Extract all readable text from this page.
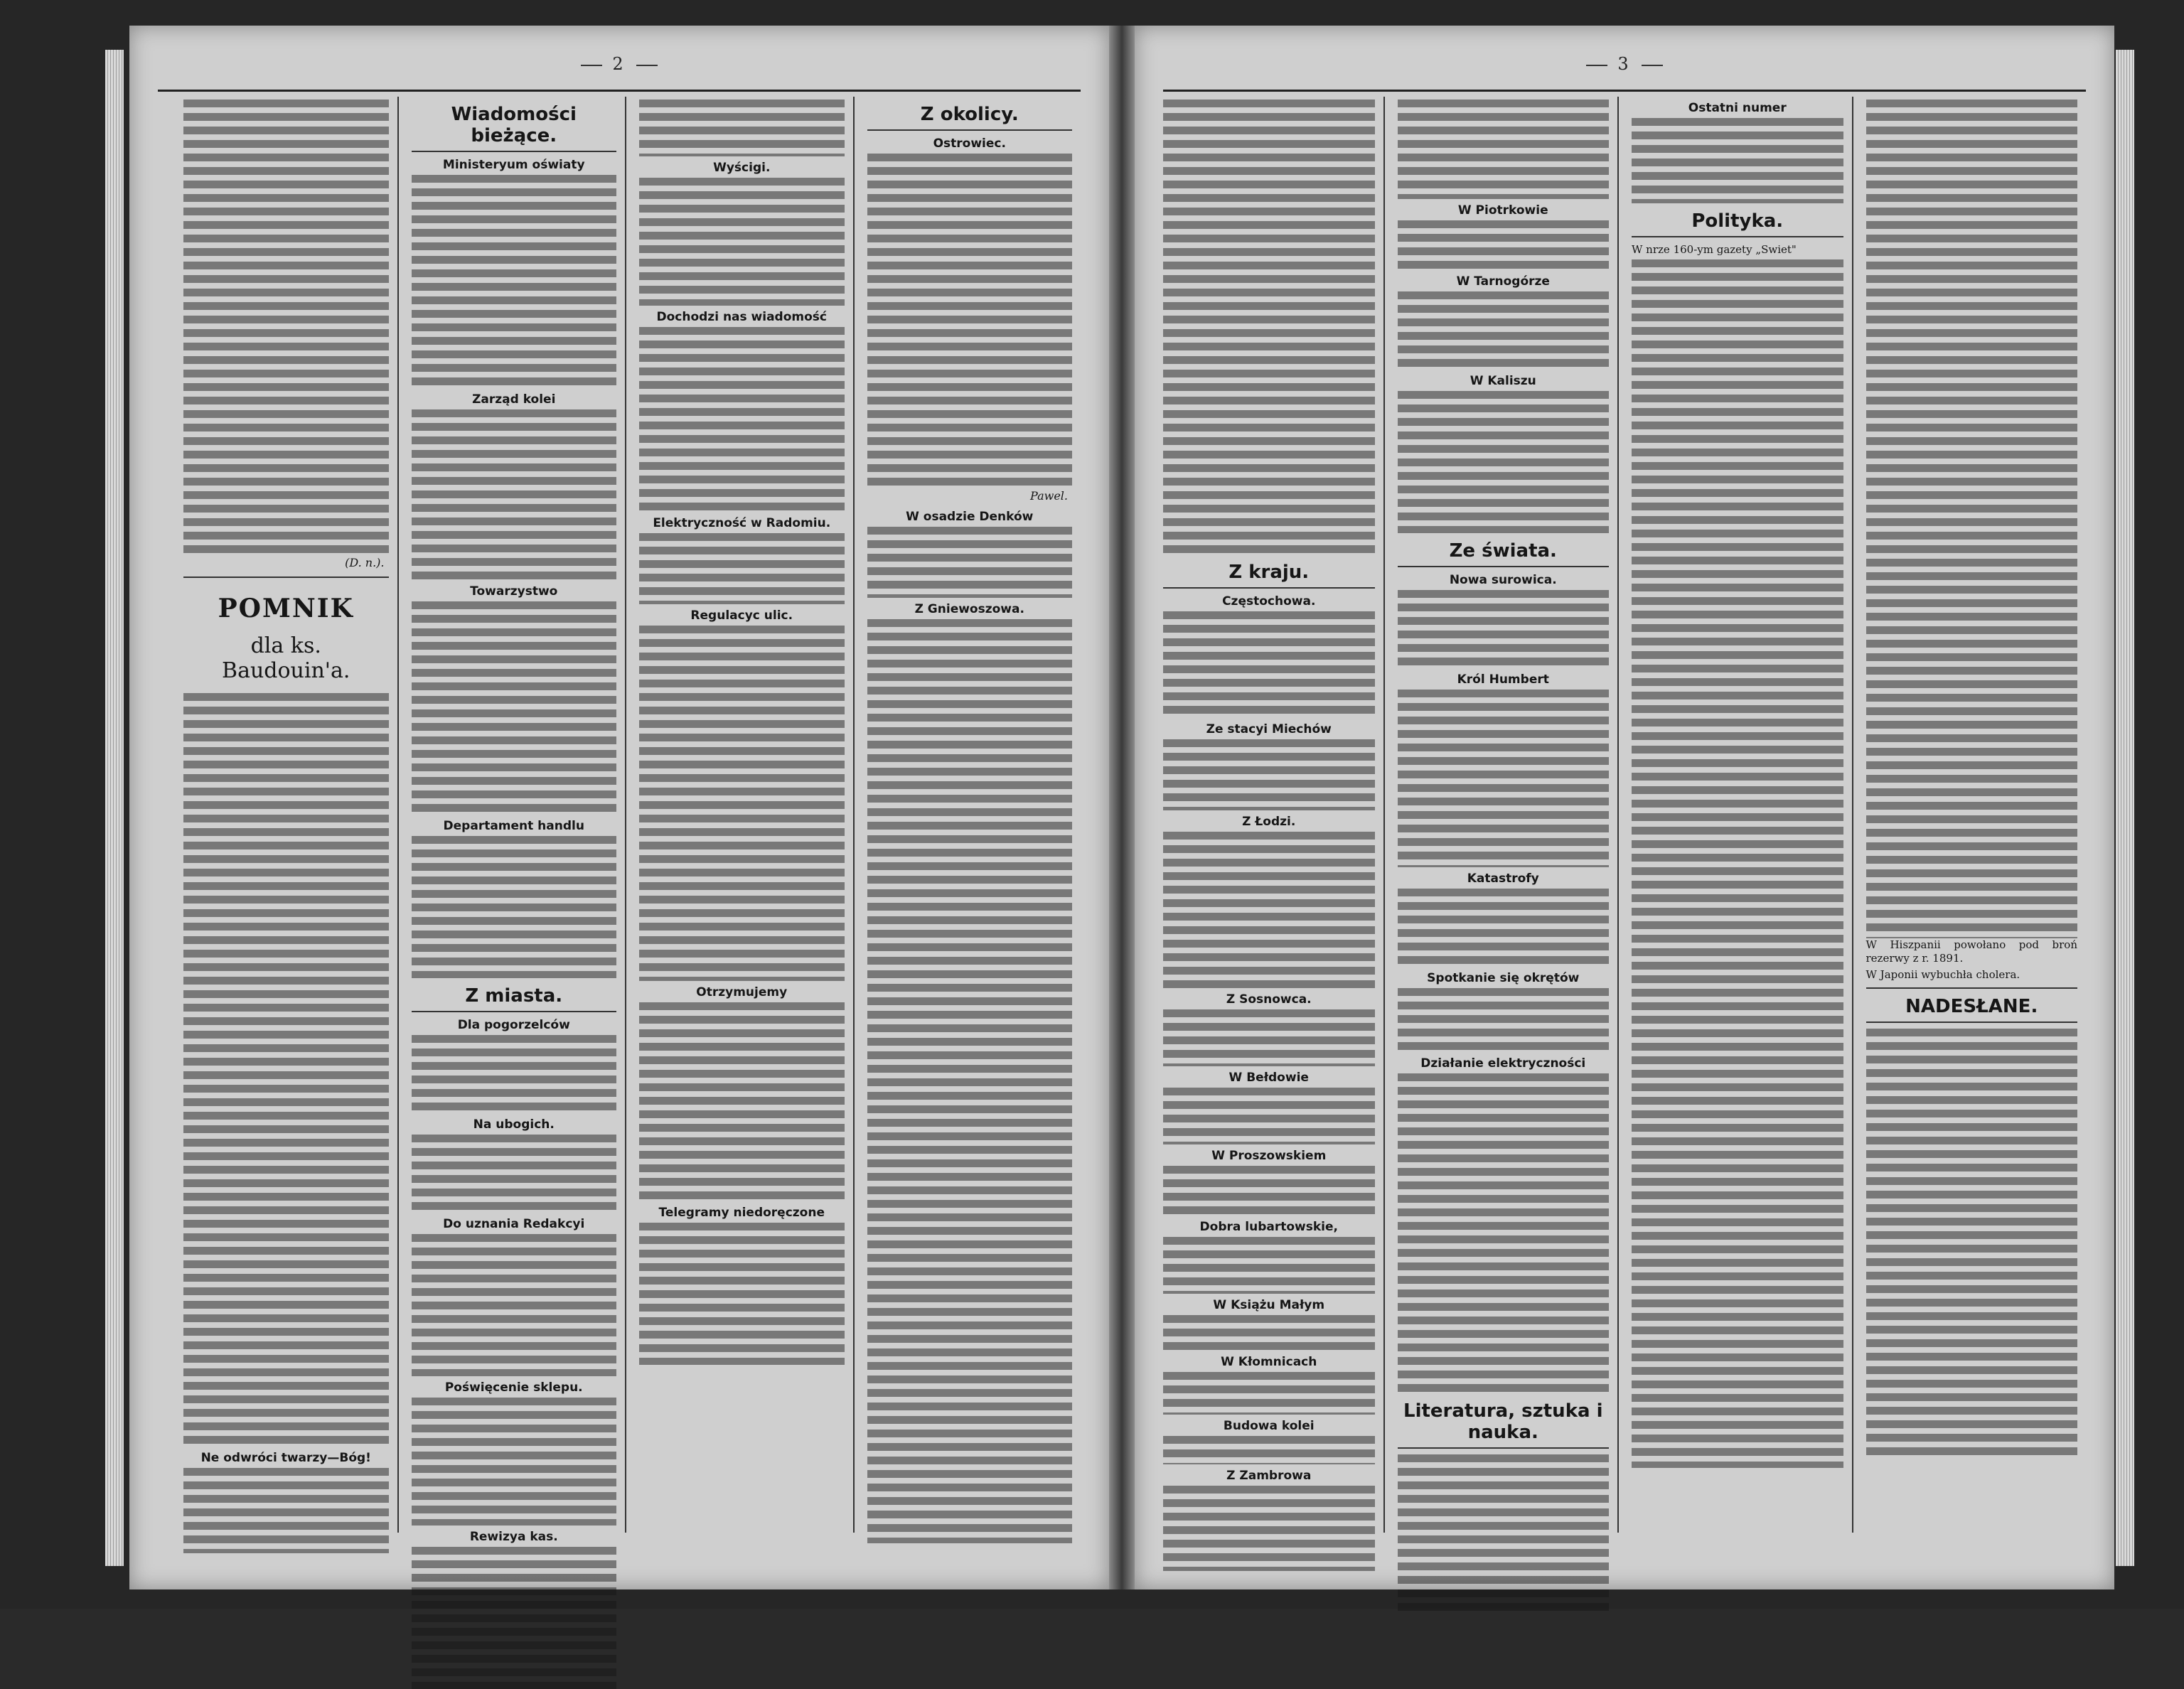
2
(D. n.).
POMNIK
dla ks. Baudouin'a.
Ne odwróci twarzy—Bóg!
Wiadomości bieżące.
Ministeryum oświaty
Zarząd kolei
Towarzystwo
Departament handlu
Z miasta.
Dla pogorzelców
Na ubogich.
Do uznania Redakcyi
Poświęcenie sklepu.
Rewizya kas.
Wyścigi.
Dochodzi nas wiadomość
Elektryczność w Radomiu.
Regulacyc ulic.
Otrzymujemy
Telegramy niedoręczone
Z okolicy.
Ostrowiec.
Pawel.
W osadzie Denków
Z Gniewoszowa.
3
Z kraju.
Częstochowa.
Ze stacyi Miechów
Z Łodzi.
Z Sosnowca.
W Bełdowie
W Proszowskiem
Dobra lubartowskie,
W Książu Małym
W Kłomnicach
Budowa kolei
Z Zambrowa
W Piotrkowie
W Tarnogórze
W Kaliszu
Ze świata.
Nowa surowica.
Król Humbert
Katastrofy
Spotkanie się okrętów
Działanie elektryczności
Literatura, sztuka i nauka.
Ostatni numer
Polityka.
W nrze 160-ym gazety „Swiet"
W Hiszpanii powołano pod broń rezerwy z r. 1891.
W Japonii wybuchła cholera.
NADESŁANE.
